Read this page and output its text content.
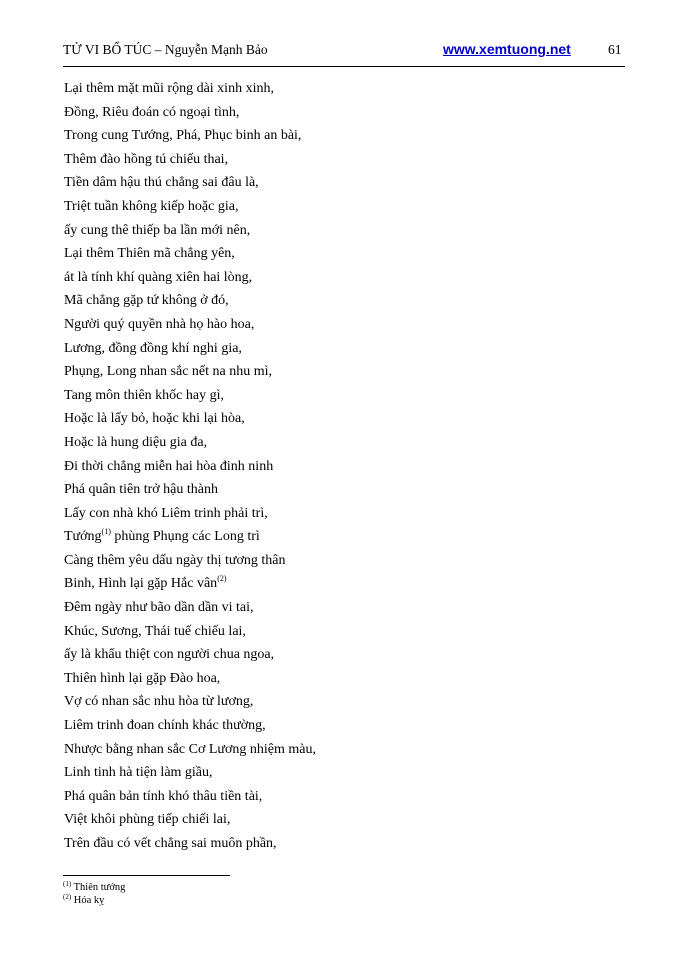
TỬ VI BỔ TÚC – Nguyễn Mạnh Bảo	www.xemtuong.net	61
Lại thêm mặt mũi rộng dài xinh xinh,
Đồng, Riêu đoán có ngoại tình,
Trong cung Tướng, Phá, Phục binh an bài,
Thêm đào hồng tú chiếu thai,
Tiền dâm hậu thú chẳng sai đâu là,
Triệt tuần không kiếp hoặc gia,
ấy cung thê thiếp ba lần mới nên,
Lại thêm Thiên mã chẳng yên,
át là tính khí quàng xiên hai lòng,
Mã chẳng gặp tứ không ở đó,
Người quý quyền nhà họ hào hoa,
Lương, đồng đồng khí nghi gia,
Phụng, Long nhan sắc nết na nhu mì,
Tang môn thiên khốc hay gì,
Hoặc là lấy bỏ, hoặc khi lại hòa,
Hoặc là hung diệu gia đa,
Đi thời chẳng miễn hai hòa đinh ninh
Phá quân tiên trở hậu thành
Lấy con nhà khó Liêm trinh phải trì,
Tướng$^{(1)}$ phùng Phụng các Long trì
Càng thêm yêu dấu ngày thị tương thân
Binh, Hình lại gặp Hắc vân$^{(2)}$
Đêm ngày như bão dần dần vi tai,
Khúc, Sương, Thái tuế chiếu lai,
ấy là khẩu thiệt con người chua ngoa,
Thiên hình lại gặp Đào hoa,
Vợ có nhan sắc nhu hòa từ lương,
Liêm trinh đoan chính khác thường,
Nhược bằng nhan sắc Cơ Lương nhiệm màu,
Linh tinh hà tiện làm giầu,
Phá quân bản tính khó thâu tiền tài,
Việt khôi phùng tiếp chiếi lai,
Trên đầu có vết chẳng sai muôn phần,
$^{(1)}$ Thiên tướng
$^{(2)}$ Hóa kỵ
